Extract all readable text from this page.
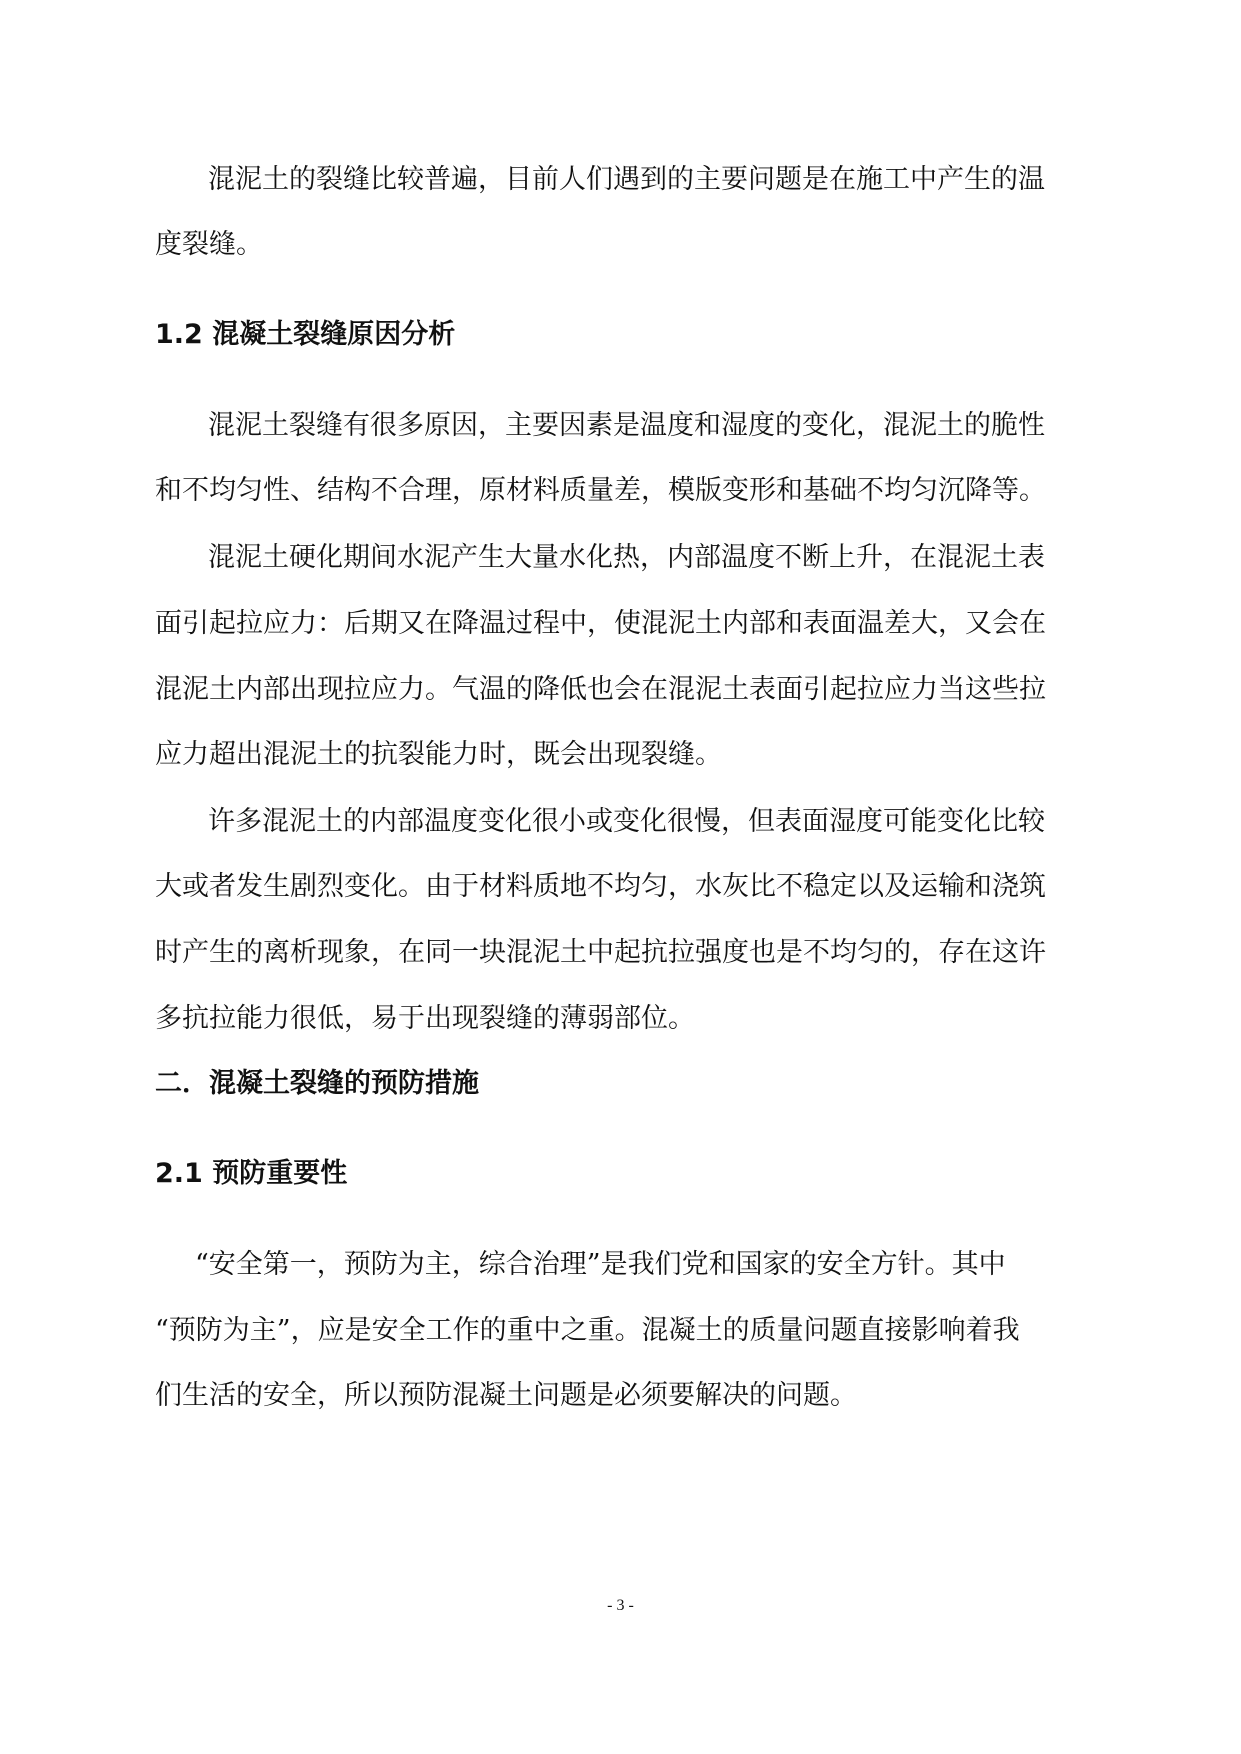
混泥土的裂缝比较普遍，目前人们遇到的主要问题是在施工中产生的温
度裂缝。
1.2 混凝土裂缝原因分析
混泥土裂缝有很多原因，主要因素是温度和湿度的变化，混泥土的脆性
和不均匀性、结构不合理，原材料质量差，模版变形和基础不均匀沉降等。
混泥土硬化期间水泥产生大量水化热，内部温度不断上升，在混泥土表
面引起拉应力：后期又在降温过程中，使混泥土内部和表面温差大，又会在
混泥土内部出现拉应力。气温的降低也会在混泥土表面引起拉应力当这些拉
应力超出混泥土的抗裂能力时，既会出现裂缝。
许多混泥土的内部温度变化很小或变化很慢，但表面湿度可能变化比较
大或者发生剧烈变化。由于材料质地不均匀，水灰比不稳定以及运输和浇筑
时产生的离析现象，在同一块混泥土中起抗拉强度也是不均匀的，存在这许
多抗拉能力很低，易于出现裂缝的薄弱部位。
二．混凝土裂缝的预防措施
2.1 预防重要性
“安全第一，预防为主，综合治理”是我们党和国家的安全方针。其中
“预防为主”，应是安全工作的重中之重。混凝土的质量问题直接影响着我
们生活的安全，所以预防混凝土问题是必须要解决的问题。
- 3 -
